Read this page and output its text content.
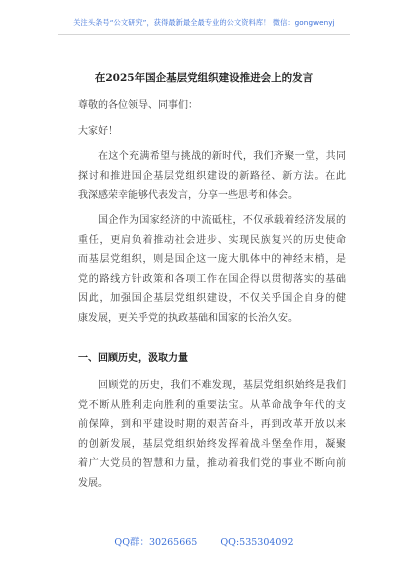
关注头条号“公文研究”，获得最新最全最专业的公文资料库！ 微信：gongwenyj
在2025年国企基层党组织建设推进会上的发言
尊敬的各位领导、同事们：
大家好！
在这个充满希望与挑战的新时代，我们齐聚一堂，共同
探讨和推进国企基层党组织建设的新路径、新方法。在此
我深感荣幸能够代表发言，分享一些思考和体会。
国企作为国家经济的中流砥柱，不仅承载着经济发展的
重任，更肩负着推动社会进步、实现民族复兴的历史使命
而基层党组织，则是国企这一庞大肌体中的神经末梢，是
党的路线方针政策和各项工作在国企得以贯彻落实的基础
因此，加强国企基层党组织建设，不仅关乎国企自身的健
康发展，更关乎党的执政基础和国家的长治久安。
一、回顾历史，汲取力量
回顾党的历史，我们不难发现，基层党组织始终是我们
党不断从胜利走向胜利的重要法宝。从革命战争年代的支
前保障，到和平建设时期的艰苦奋斗，再到改革开放以来
的创新发展，基层党组织始终发挥着战斗堡垒作用，凝聚
着广大党员的智慧和力量，推动着我们党的事业不断向前
发展。
QQ群：30265665 QQ:535304092
